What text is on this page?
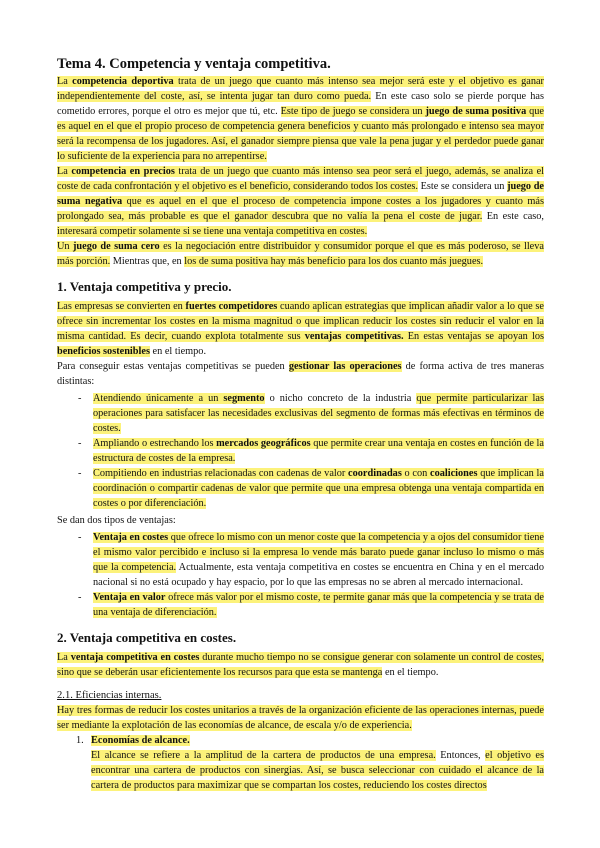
Tema 4. Competencia y ventaja competitiva.

La competencia deportiva trata de un juego que cuanto más intenso sea mejor será este y el objetivo es ganar independientemente del coste, así, se intenta jugar tan duro como pueda. En este caso solo se pierde porque has cometido errores, porque el otro es mejor que tú, etc. Este tipo de juego se considera un juego de suma positiva que es aquel en el que el propio proceso de competencia genera beneficios y cuanto más prolongado e intenso sea mayor será la recompensa de los jugadores. Así, el ganador siempre piensa que vale la pena jugar y el perdedor puede ganar lo suficiente de la experiencia para no arrepentirse.

La competencia en precios trata de un juego que cuanto más intenso sea peor será el juego, además, se analiza el coste de cada confrontación y el objetivo es el beneficio, considerando todos los costes. Este se considera un juego de suma negativa que es aquel en el que el proceso de competencia impone costes a los jugadores y cuanto más prolongado sea, más probable es que el ganador descubra que no valía la pena el coste de jugar. En este caso, interesará competir solamente si se tiene una ventaja competitiva en costes.

Un juego de suma cero es la negociación entre distribuidor y consumidor porque el que es más poderoso, se lleva más porción. Mientras que, en los de suma positiva hay más beneficio para los dos cuanto más juegues.

1. Ventaja competitiva y precio.

Las empresas se convierten en fuertes competidores cuando aplican estrategias que implican añadir valor a lo que se ofrece sin incrementar los costes en la misma magnitud o que implican reducir los costes sin reducir el valor en la misma cantidad. Es decir, cuando explota totalmente sus ventajas competitivas. En estas ventajas se apoyan los beneficios sostenibles en el tiempo.

Para conseguir estas ventajas competitivas se pueden gestionar las operaciones de forma activa de tres maneras distintas:

- Atendiendo únicamente a un segmento o nicho concreto de la industria que permite particularizar las operaciones para satisfacer las necesidades exclusivas del segmento de formas más efectivas en términos de costes.
- Ampliando o estrechando los mercados geográficos que permite crear una ventaja en costes en función de la estructura de costes de la empresa.
- Compitiendo en industrias relacionadas con cadenas de valor coordinadas o con coaliciones que implican la coordinación o compartir cadenas de valor que permite que una empresa obtenga una ventaja compartida en costes o por diferenciación.

Se dan dos tipos de ventajas:

- Ventaja en costes que ofrece lo mismo con un menor coste que la competencia y a ojos del consumidor tiene el mismo valor percibido e incluso si la empresa lo vende más barato puede ganar incluso lo mismo o más que la competencia. Actualmente, esta ventaja competitiva en costes se encuentra en China y en el mercado nacional si no está ocupado y hay espacio, por lo que las empresas no se abren al mercado internacional.
- Ventaja en valor ofrece más valor por el mismo coste, te permite ganar más que la competencia y se trata de una ventaja de diferenciación.
2. Ventaja competitiva en costes.

La ventaja competitiva en costes durante mucho tiempo no se consigue generar con solamente un control de costes, sino que se deberán usar eficientemente los recursos para que esta se mantenga en el tiempo.

2.1. Eficiencias internas.

Hay tres formas de reducir los costes unitarios a través de la organización eficiente de las operaciones internas, puede ser mediante la explotación de las economías de alcance, de escala y/o de experiencia.

1. Economías de alcance.
El alcance se refiere a la amplitud de la cartera de productos de una empresa. Entonces, el objetivo es encontrar una cartera de productos con sinergias. Así, se busca seleccionar con cuidado el alcance de la cartera de productos para maximizar que se compartan los costes, reduciendo los costes directos
